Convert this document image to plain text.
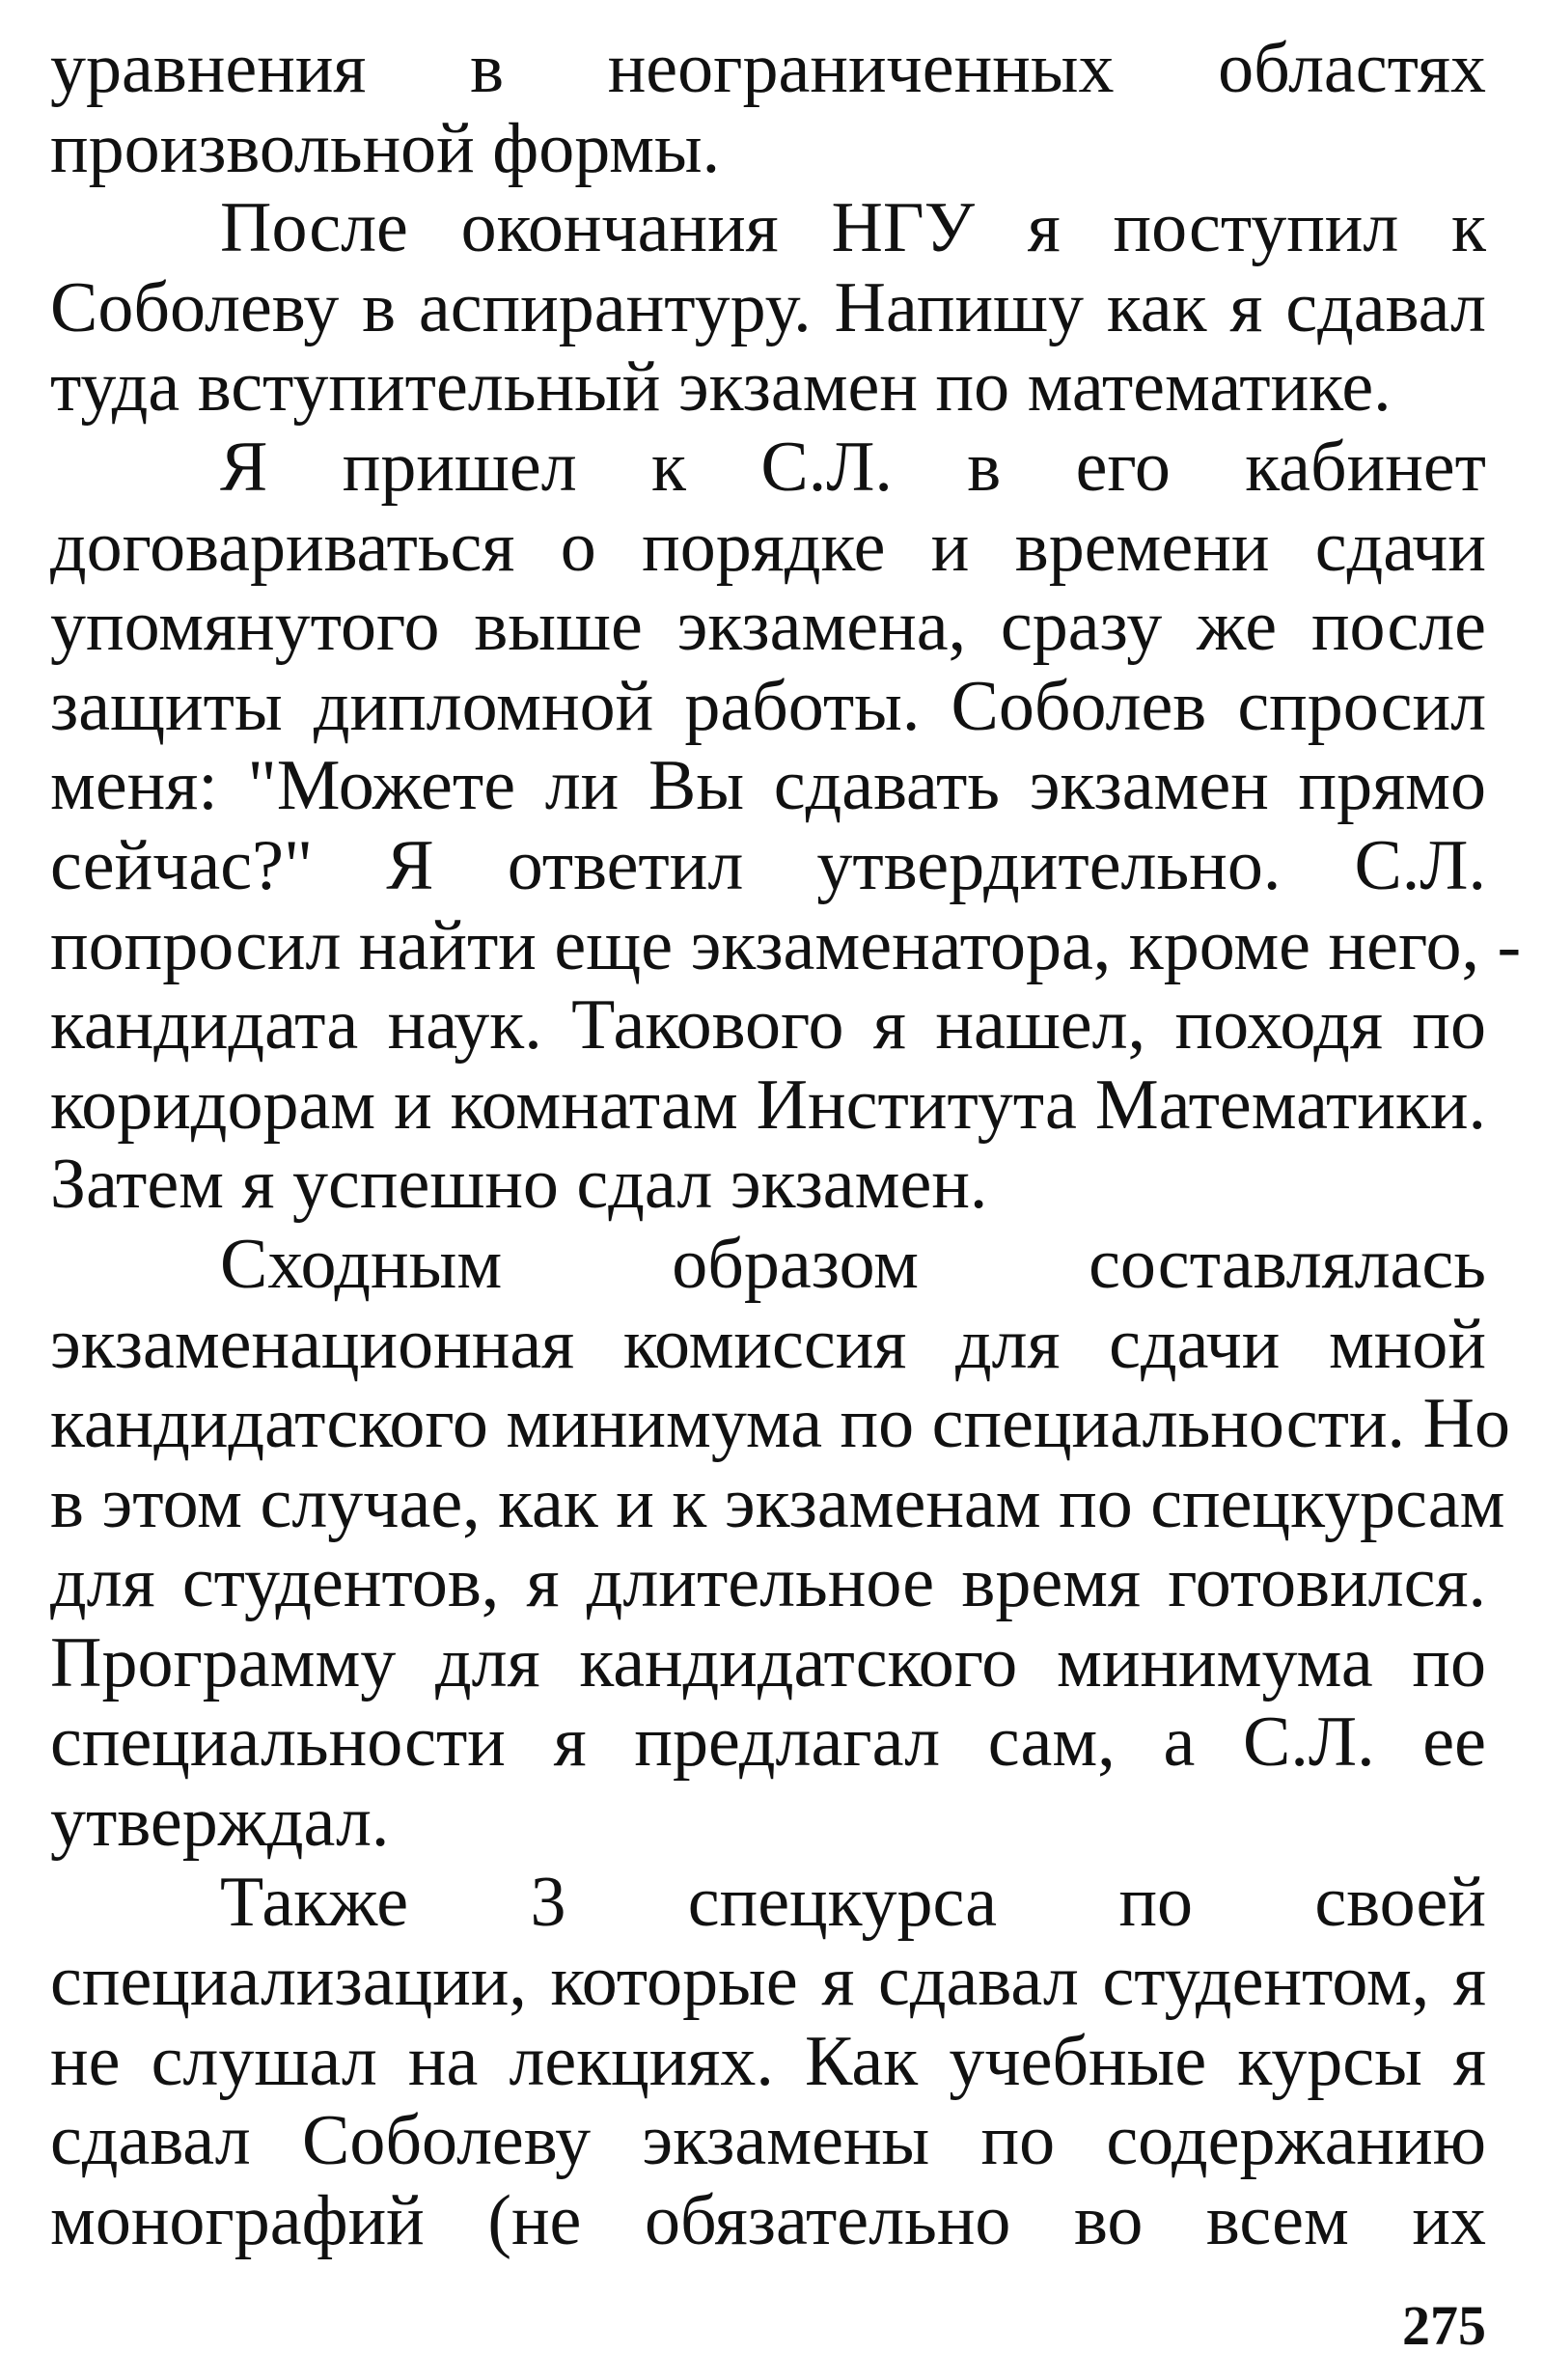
уравнения в неограниченных областях
произвольной формы.

После окончания НГУ я поступил к
Соболеву в аспирантуру. Напишу как я сдавал
туда вступительный экзамен по математике.

Я пришел к С.Л. в его кабинет
договариваться о порядке и времени сдачи
упомянутого выше экзамена, сразу же после
защиты дипломной работы. Соболев спросил
меня: "Можете ли Вы сдавать экзамен прямо
сейчас?" Я ответил утвердительно. С.Л.
попросил найти еще экзаменатора, кроме него, -
кандидата наук. Такового я нашел, походя по
коридорам и комнатам Института Математики.
Затем я успешно сдал экзамен.

Сходным образом составлялась
экзаменационная комиссия для сдачи мной
кандидатского минимума по специальности. Но
в этом случае, как и к экзаменам по спецкурсам
для студентов, я длительное время готовился.
Программу для кандидатского минимума по
специальности я предлагал сам, а С.Л. ее
утверждал.

Также 3 спецкурса по своей
специализации, которые я сдавал студентом, я
не слушал на лекциях. Как учебные курсы я
сдавал Соболеву экзамены по содержанию
монографий (не обязательно во всем их

275
